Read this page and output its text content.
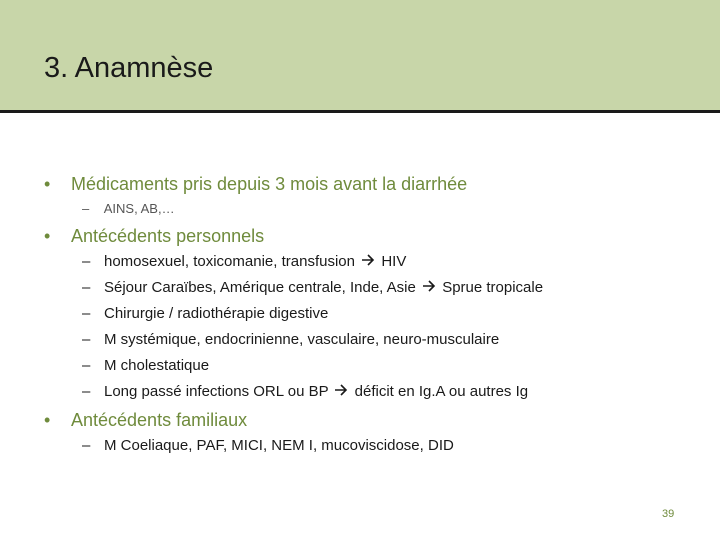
3. Anamnèse
• Médicaments pris depuis 3 mois avant la diarrhée
– AINS, AB,…
• Antécédents personnels
– homosexuel, toxicomanie, transfusion HIV
– Séjour Caraïbes, Amérique centrale, Inde, Asie Sprue tropicale
– Chirurgie / radiothérapie digestive
– M systémique, endocrinienne, vasculaire, neuro-musculaire
– M cholestatique
– Long passé infections ORL ou BP déficit en Ig.A ou autres Ig
• Antécédents familiaux
– M Coeliaque, PAF, MICI, NEM I, mucoviscidose, DID
39
